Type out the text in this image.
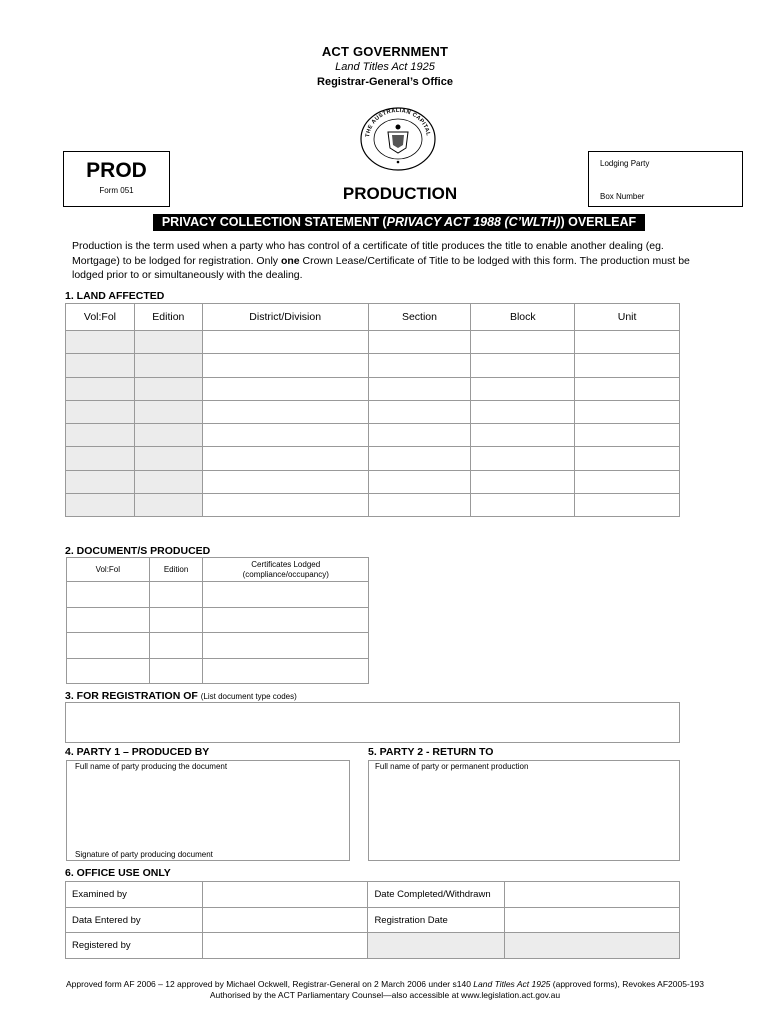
ACT GOVERNMENT
Land Titles Act 1925
Registrar-General’s Office
THE AUSTRALIAN CAPITAL
PROD
Form 051	PRODUCTION
Lodging Party
Box Number
PRIVACY COLLECTION STATEMENT (PRIVACY ACT 1988 (C’WLTH)) OVERLEAF
Production is the term used when a party who has control of a certificate of title produces the title to enable another dealing (eg. Mortgage) to be lodged for registration. Only one Crown Lease/Certificate of Title to be lodged with this form. The production must be lodged prior to or simultaneously with the dealing.
1. LAND AFFECTED
Vol:Fol	Edition	District/Division	Section	Block	Unit

2. DOCUMENT/S PRODUCED
Vol:Fol	Edition	Certificates Lodged
(compliance/occupancy)

3. FOR REGISTRATION OF (List document type codes)
4. PARTY 1 – PRODUCED BY	5. PARTY 2 - RETURN TO
Full name of party producing the document
Signature of party producing document
Full name of party or permanent production
6. OFFICE USE ONLY
Examined by		Date Completed/Withdrawn	
Data Entered by		Registration Date	
Registered by			
Approved form AF 2006 – 12 approved by Michael Ockwell, Registrar-General on 2 March 2006 under s140 Land Titles Act 1925 (approved forms), Revokes AF2005-193
Authorised by the ACT Parliamentary Counsel—also accessible at www.legislation.act.gov.au
